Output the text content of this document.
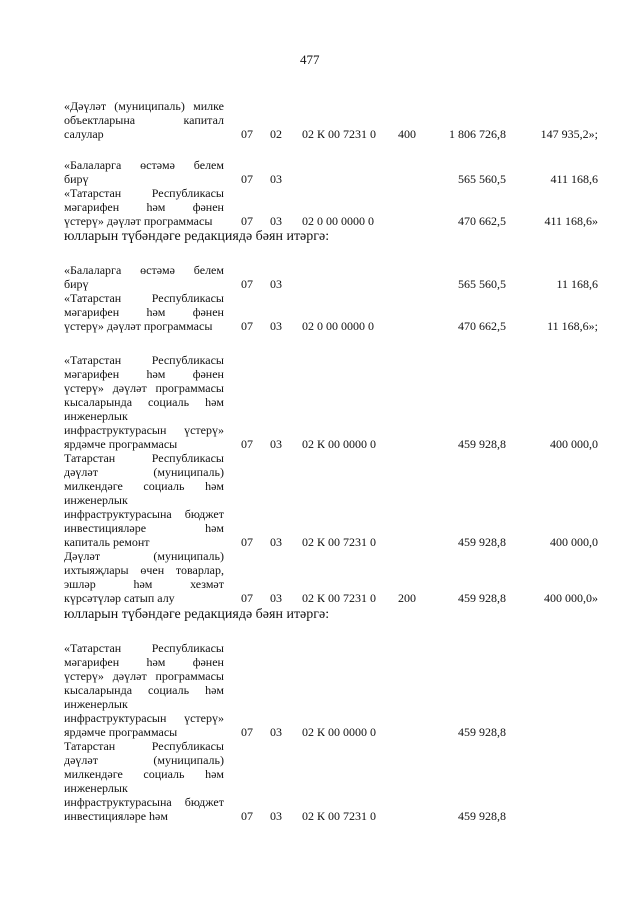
477
«Дәүләт (муниципаль) милке
объектларына	капитал
салулар	07 02 02 К 00 7231 0 400	1 806 726,8	147 935,2»;
«Балаларга өстәмә белем
бирү	07 03	565 560,5	411 168,6
«Татарстан	Республикасы
мәгарифен һәм фәнен
үстерү» дәүләт программасы	07 03 02 0 00 0000 0	470 662,5	411 168,6»
юлларын түбәндәге редакциядә бәян итәргә:
«Балаларга өстәмә белем
бирү	07 03	565 560,5	11 168,6
«Татарстан	Республикасы
мәгарифен һәм фәнен
үстерү» дәүләт программасы	07 03 02 0 00 0000 0	470 662,5	11 168,6»;
«Татарстан	Республикасы
мәгарифен һәм фәнен
үстерү» дәүләт программасы
кысаларында социаль һәм
инженерлык
инфраструктурасын үстерү»
ярдәмче программасы	07 03 02 К 00 0000 0	459 928,8	400 000,0
Татарстан	Республикасы
дәүләт	(муниципаль)
милкендәге социаль һәм
инженерлык
инфраструктурасына бюджет
инвестицияләре	һәм
капиталь ремонт	07 03 02 К 00 7231 0	459 928,8	400 000,0
Дәүләт	(муниципаль)
ихтыяҗлары өчен товарлар,
эшләр	һәм	хезмәт
күрсәтүләр сатып алу	07 03 02 К 00 7231 0 200	459 928,8	400 000,0»
юлларын түбәндәге редакциядә бәян итәргә:
«Татарстан	Республикасы
мәгарифен һәм фәнен
үстерү» дәүләт программасы
кысаларында социаль һәм
инженерлык
инфраструктурасын үстерү»
ярдәмче программасы	07 03 02 К 00 0000 0	459 928,8
Татарстан	Республикасы
дәүләт	(муниципаль)
милкендәге социаль һәм
инженерлык
инфраструктурасына бюджет
инвестицияләре һәм	07 03 02 К 00 7231 0	459 928,8
